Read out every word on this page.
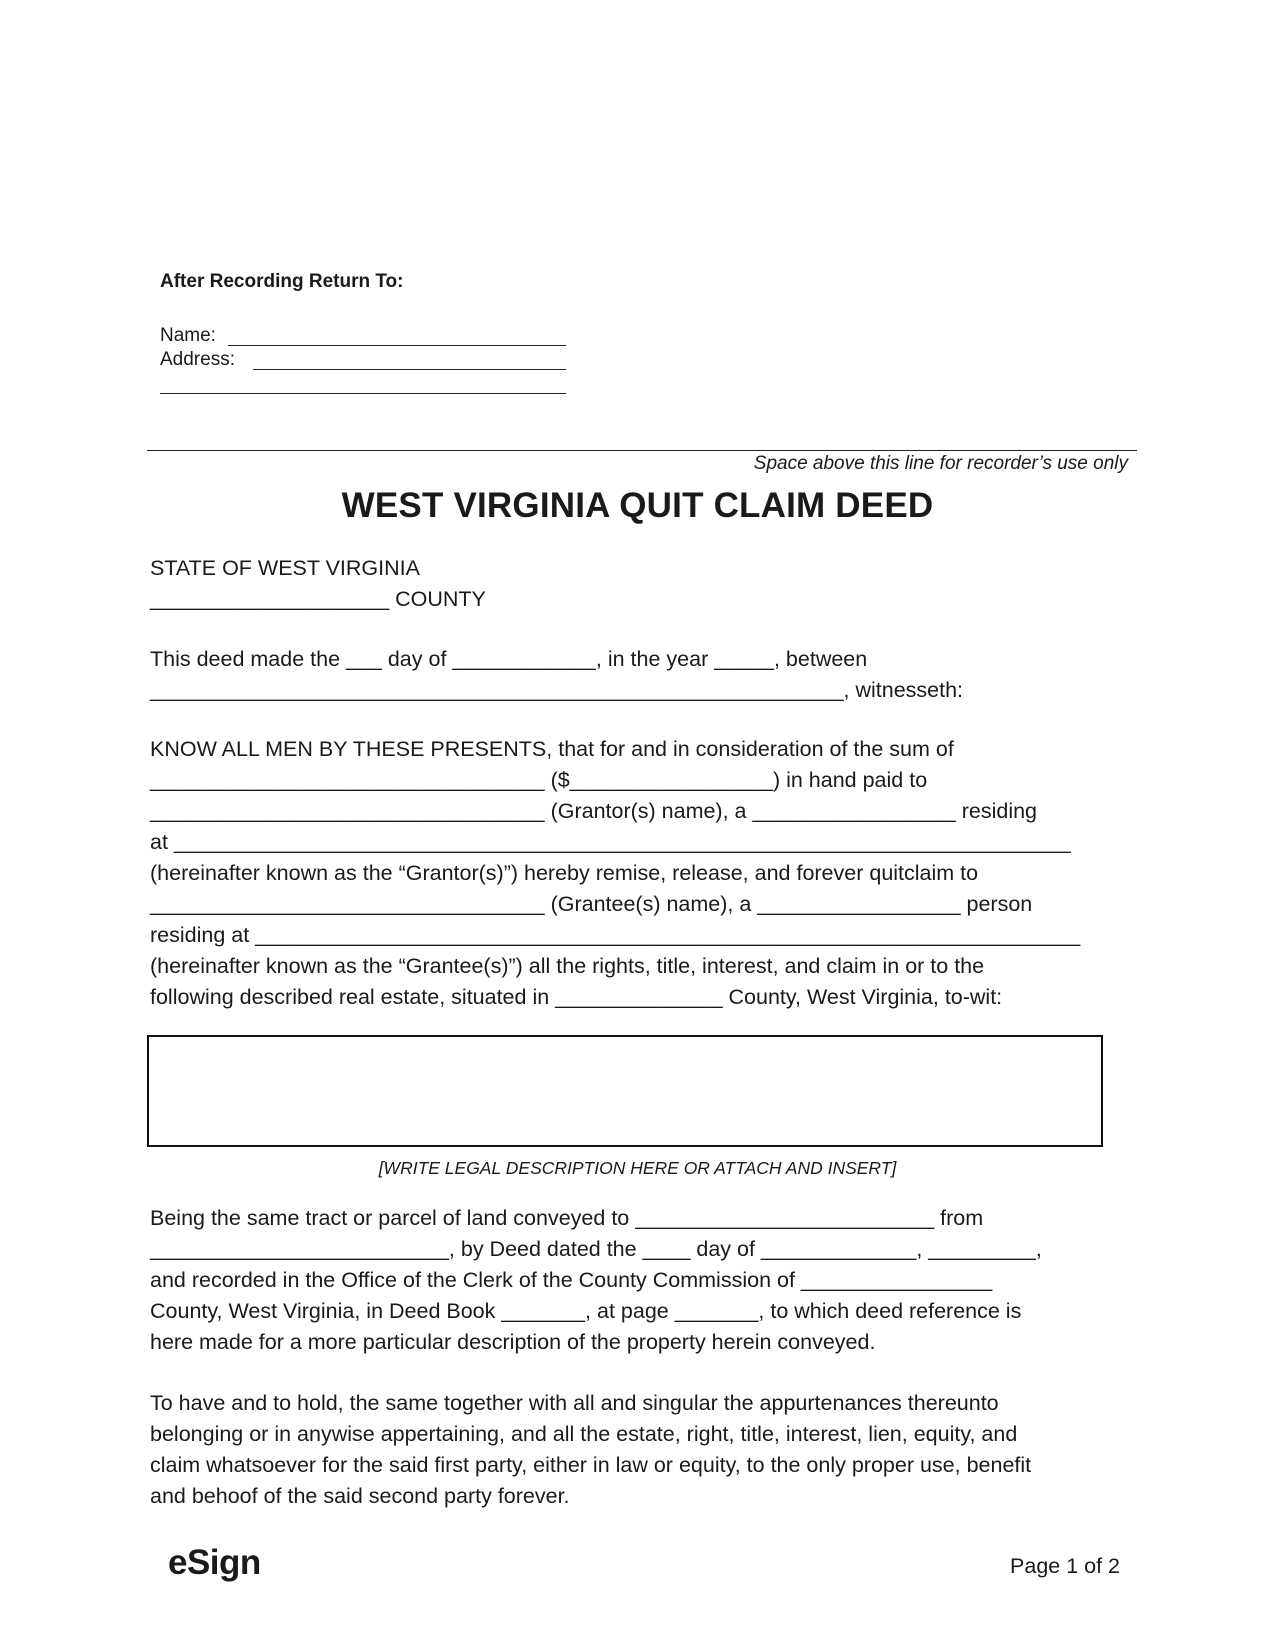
After Recording Return To:
Name:
Address:
Space above this line for recorder’s use only
WEST VIRGINIA QUIT CLAIM DEED
STATE OF WEST VIRGINIA
____________________ COUNTY
This deed made the ___ day of ____________, in the year _____, between
__________________________________________________________, witnesseth:
KNOW ALL MEN BY THESE PRESENTS, that for and in consideration of the sum of
_________________________________ ($_________________) in hand paid to
_________________________________ (Grantor(s) name), a _________________ residing
at ___________________________________________________________________________
(hereinafter known as the “Grantor(s)”) hereby remise, release, and forever quitclaim to
_________________________________ (Grantee(s) name), a _________________ person
residing at _____________________________________________________________________
(hereinafter known as the “Grantee(s)”) all the rights, title, interest, and claim in or to the
following described real estate, situated in ______________ County, West Virginia, to-wit:
[WRITE LEGAL DESCRIPTION HERE OR ATTACH AND INSERT]
Being the same tract or parcel of land conveyed to _________________________ from
_________________________, by Deed dated the ____ day of _____________, _________,
and recorded in the Office of the Clerk of the County Commission of ________________
County, West Virginia, in Deed Book _______, at page _______, to which deed reference is
here made for a more particular description of the property herein conveyed.
To have and to hold, the same together with all and singular the appurtenances thereunto
belonging or in anywise appertaining, and all the estate, right, title, interest, lien, equity, and
claim whatsoever for the said first party, either in law or equity, to the only proper use, benefit
and behoof of the said second party forever.
eSign	Page 1 of 2
